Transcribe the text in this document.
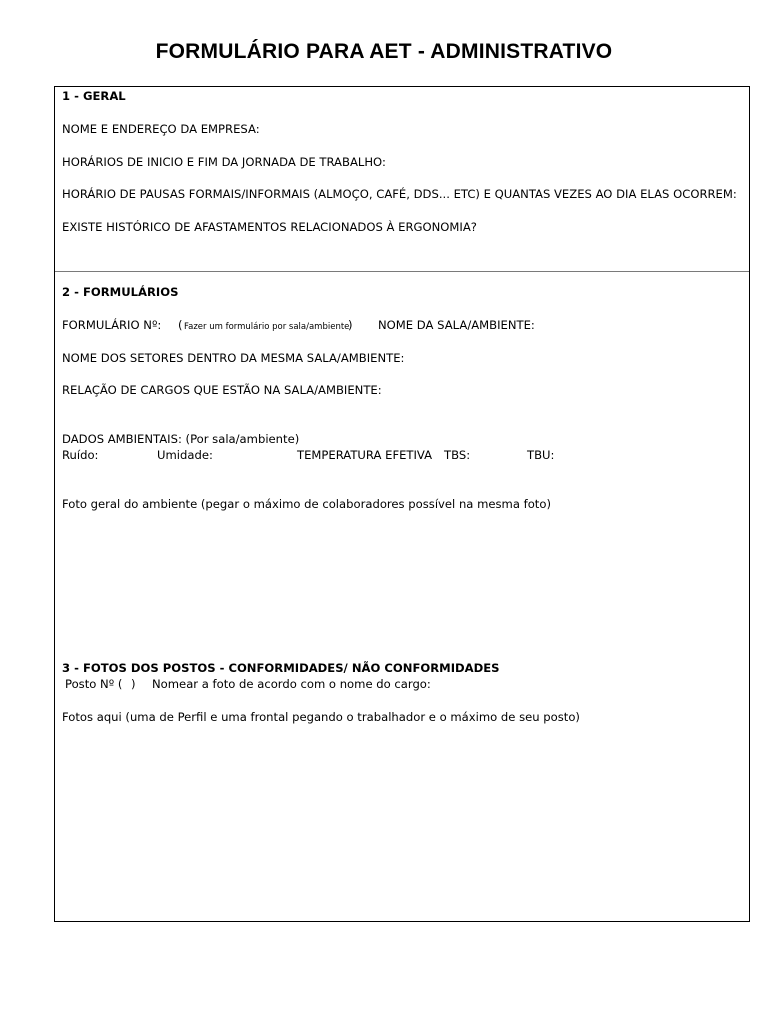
FORMULÁRIO PARA AET - ADMINISTRATIVO
1 - GERAL
NOME E ENDEREÇO DA EMPRESA:
HORÁRIOS DE INICIO E FIM DA JORNADA DE TRABALHO:
HORÁRIO DE PAUSAS FORMAIS/INFORMAIS (ALMOÇO, CAFÉ, DDS... ETC) E QUANTAS VEZES AO DIA ELAS OCORREM:
EXISTE HISTÓRICO DE AFASTAMENTOS RELACIONADOS À ERGONOMIA?
2 - FORMULÁRIOS
FORMULÁRIO Nº: ( Fazer um formulário por sala/ambiente
) NOME DA SALA/AMBIENTE:
NOME DOS SETORES DENTRO DA MESMA SALA/AMBIENTE:
RELAÇÃO DE CARGOS QUE ESTÃO NA SALA/AMBIENTE:
DADOS AMBIENTAIS: (Por sala/ambiente)
Ruído:	Umidade:	TEMPERATURA EFETIVA TBS:	TBU:
Foto geral do ambiente (pegar o máximo de colaboradores possível na mesma foto)
3 - FOTOS DOS POSTOS - CONFORMIDADES/ NÃO CONFORMIDADES
Posto Nº ( ) Nomear a foto de acordo com o nome do cargo:
Fotos aqui (uma de Perfil e uma frontal pegando o trabalhador e o máximo de seu posto)
